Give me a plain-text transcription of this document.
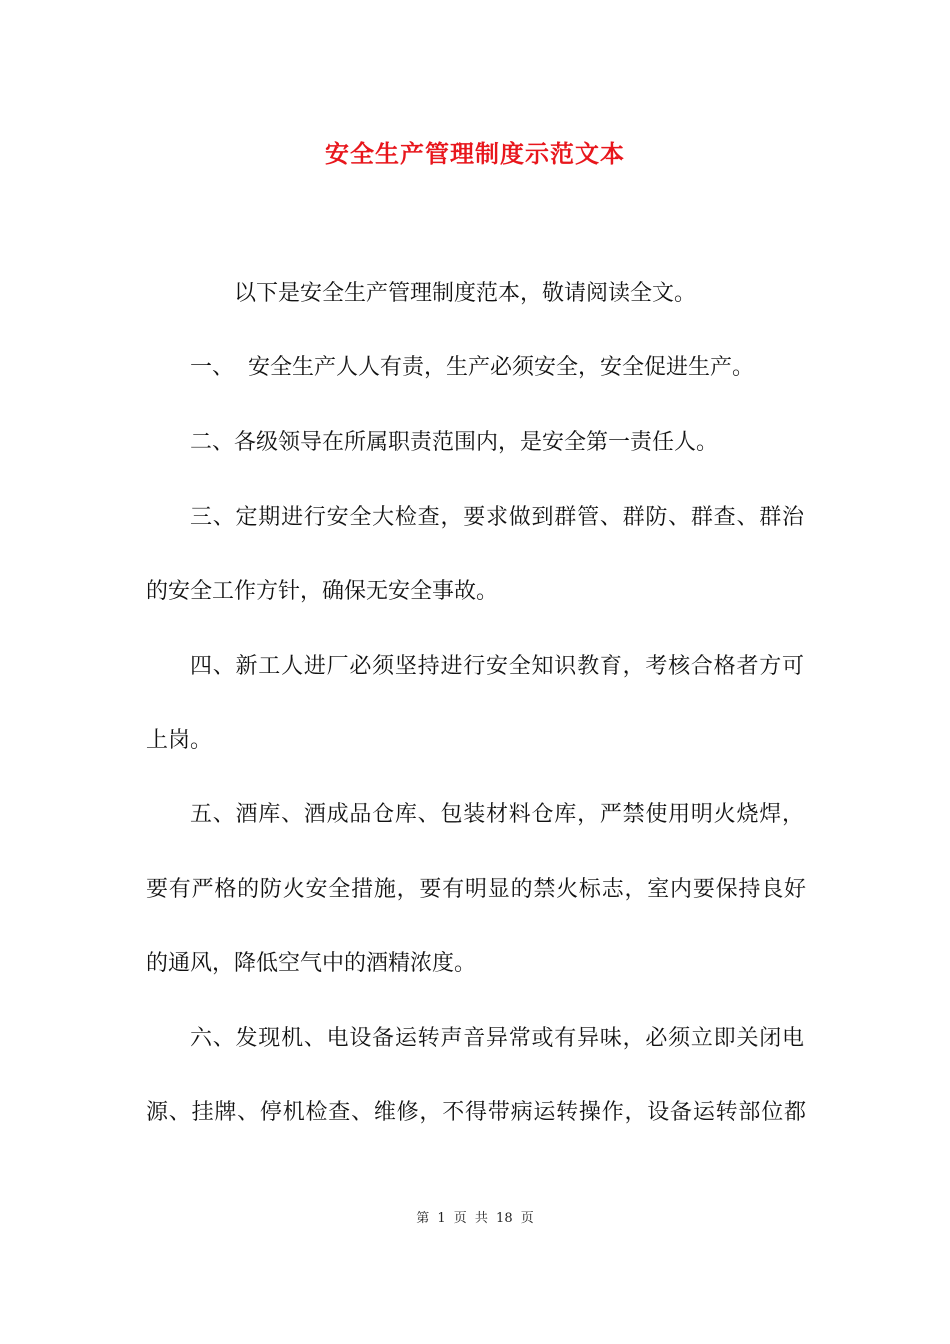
安全生产管理制度示范文本
以下是安全生产管理制度范本，敬请阅读全文。
一、  安全生产人人有责，生产必须安全，安全促进生产。
二、各级领导在所属职责范围内，是安全第一责任人。
三、定期进行安全大检查，要求做到群管、群防、群查、群治
的安全工作方针，确保无安全事故。
四、新工人进厂必须坚持进行安全知识教育，考核合格者方可
上岗。
五、酒库、酒成品仓库、包装材料仓库，严禁使用明火烧焊，
要有严格的防火安全措施，要有明显的禁火标志，室内要保持良好
的通风，降低空气中的酒精浓度。
六、发现机、电设备运转声音异常或有异味，必须立即关闭电
源、挂牌、停机检查、维修，不得带病运转操作，设备运转部位都
第 1 页 共 18 页
